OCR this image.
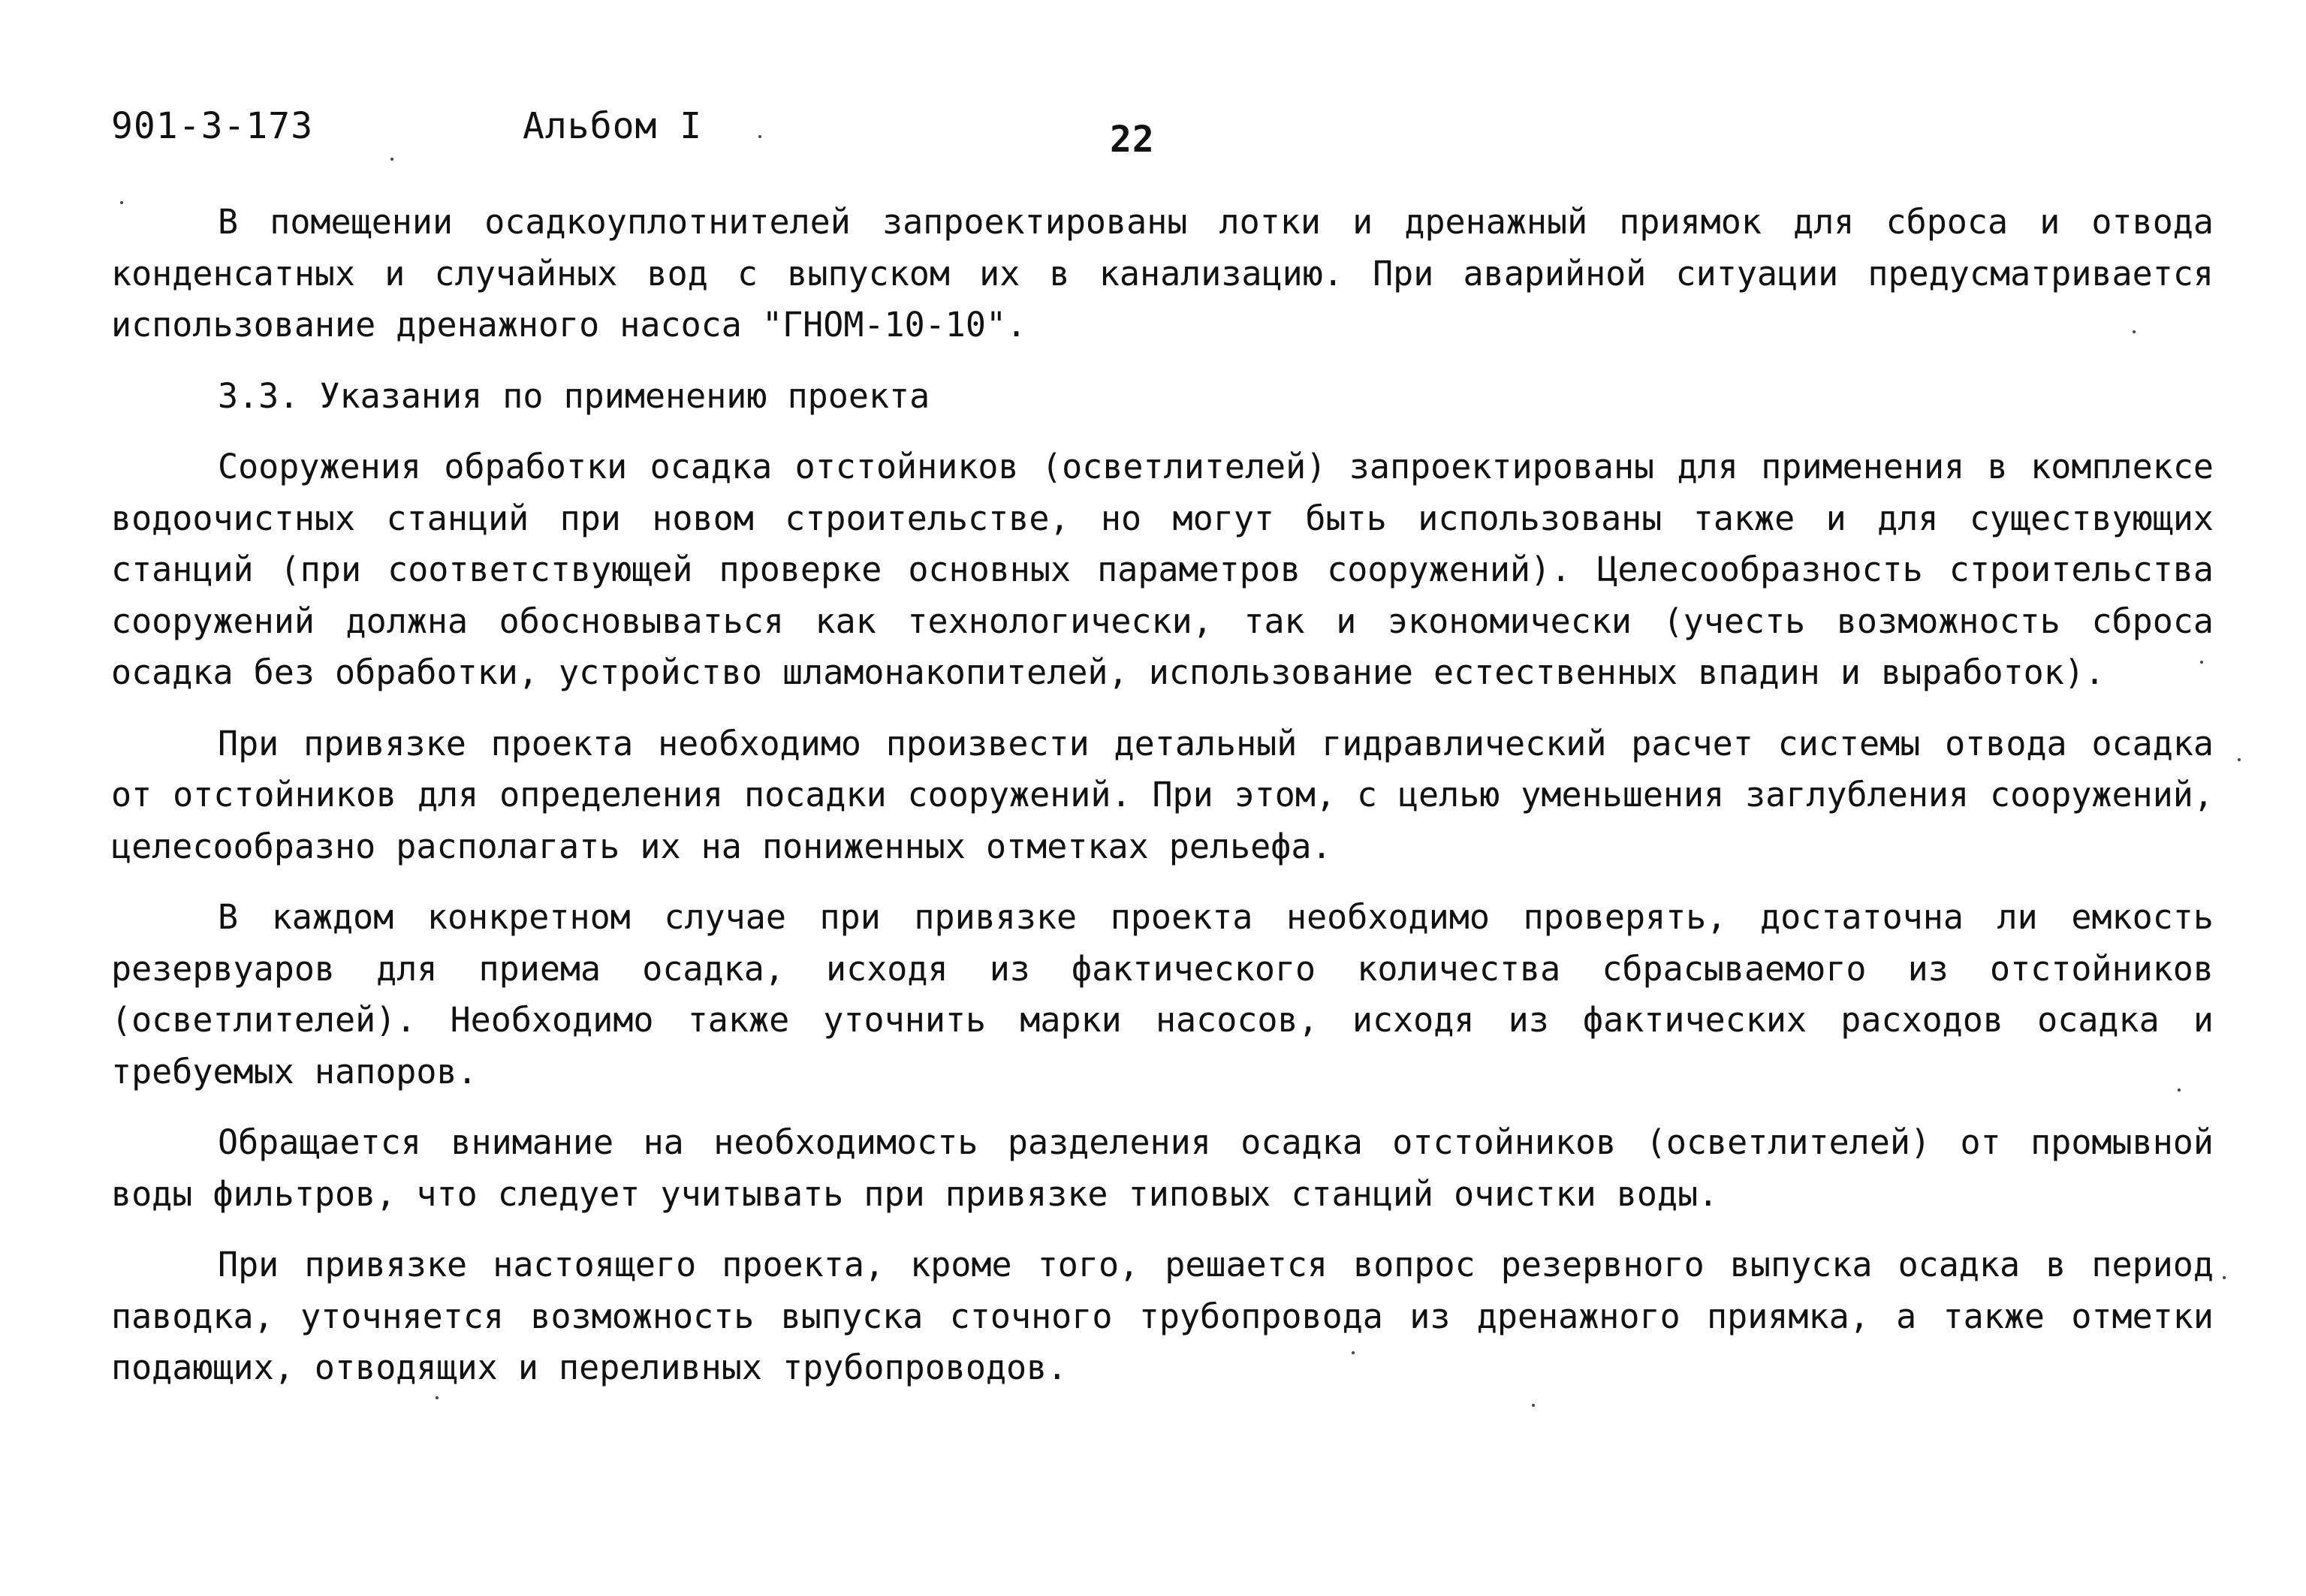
901-3-173	Альбом I	22

В помещении осадкоуплотнителей запроектированы лотки и дренажный приямок для сброса и отвода конденсатных и случайных вод с выпуском их в канализацию. При аварийной ситуации предусматривается использование дренажного насоса "ГНОМ-10-10".

3.3. Указания по применению проекта

Сооружения обработки осадка отстойников (осветлителей) запроектированы для применения в комплексе водоочистных станций при новом строительстве, но могут быть использованы также и для существующих станций (при соответствующей проверке основных параметров сооружений). Целесообразность строительства сооружений должна обосновываться как технологически, так и экономически (учесть возможность сброса осадка без обработки, устройство шламонакопителей, использование естественных впадин и выработок).

При привязке проекта необходимо произвести детальный гидравлический расчет системы отвода осадка от отстойников для определения посадки сооружений. При этом, с целью уменьшения заглубления сооружений, целесообразно располагать их на пониженных отметках рельефа.

В каждом конкретном случае при привязке проекта необходимо проверять, достаточна ли емкость резервуаров для приема осадка, исходя из фактического количества сбрасываемого из отстойников (осветлителей). Необходимо также уточнить марки насосов, исходя из фактических расходов осадка и требуемых напоров.

Обращается внимание на необходимость разделения осадка отстойников (осветлителей) от промывной воды фильтров, что следует учитывать при привязке типовых станций очистки воды.

При привязке настоящего проекта, кроме того, решается вопрос резервного выпуска осадка в период паводка, уточняется возможность выпуска сточного трубопровода из дренажного приямка, а также отметки подающих, отводящих и переливных трубопроводов.
